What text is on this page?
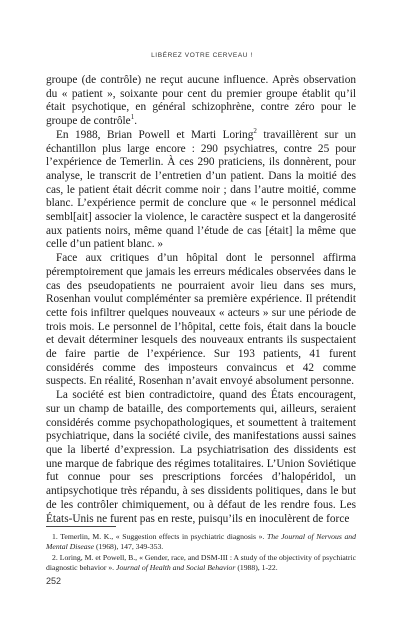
LIBÉREZ VOTRE CERVEAU !

groupe (de contrôle) ne reçut aucune influence. Après observation du « patient », soixante pour cent du premier groupe établit qu’il était psychotique, en général schizophrène, contre zéro pour le groupe de contrôle$^1$.

En 1988, Brian Powell et Marti Loring$^2$ travaillèrent sur un échantillon plus large encore : 290 psychiatres, contre 25 pour l’expérience de Temerlin. À ces 290 praticiens, ils donnèrent, pour analyse, le transcrit de l’entretien d’un patient. Dans la moitié des cas, le patient était décrit comme noir ; dans l’autre moitié, comme blanc. L’expérience permit de conclure que « le personnel médical sembl[ait] associer la violence, le caractère suspect et la dangerosité aux patients noirs, même quand l’étude de cas [était] la même que celle d’un patient blanc. »

Face aux critiques d’un hôpital dont le personnel affirma péremptoirement que jamais les erreurs médicales observées dans le cas des pseudopatients ne pourraient avoir lieu dans ses murs, Rosenhan voulut compléménter sa première expérience. Il prétendit cette fois infiltrer quelques nouveaux « acteurs » sur une période de trois mois. Le personnel de l’hôpital, cette fois, était dans la boucle et devait déterminer lesquels des nouveaux entrants ils suspectaient de faire partie de l’expérience. Sur 193 patients, 41 furent considérés comme des imposteurs convaincus et 42 comme suspects. En réalité, Rosenhan n’avait envoyé absolument personne.

La société est bien contradictoire, quand des États encouragent, sur un champ de bataille, des comportements qui, ailleurs, seraient considérés comme psychopathologiques, et soumettent à traitement psychiatrique, dans la société civile, des manifestations aussi saines que la liberté d’expression. La psychiatrisation des dissidents est une marque de fabrique des régimes totalitaires. L’Union Soviétique fut connue pour ses prescriptions forcées d’halopéridol, un antipsychotique très répandu, à ses dissidents politiques, dans le but de les contrôler chimiquement, ou à défaut de les rendre fous. Les États-Unis ne furent pas en reste, puisqu’ils en inoculèrent de force

1. Temerlin, M. K., « Suggestion effects in psychiatric diagnosis ». The Journal of Nervous and Mental Disease (1968), 147, 349-353.

2. Loring, M. et Powell, B., « Gender, race, and DSM-III : A study of the objectivity of psychiatric diagnostic behavior ». Journal of Health and Social Behavior (1988), 1-22.

252
